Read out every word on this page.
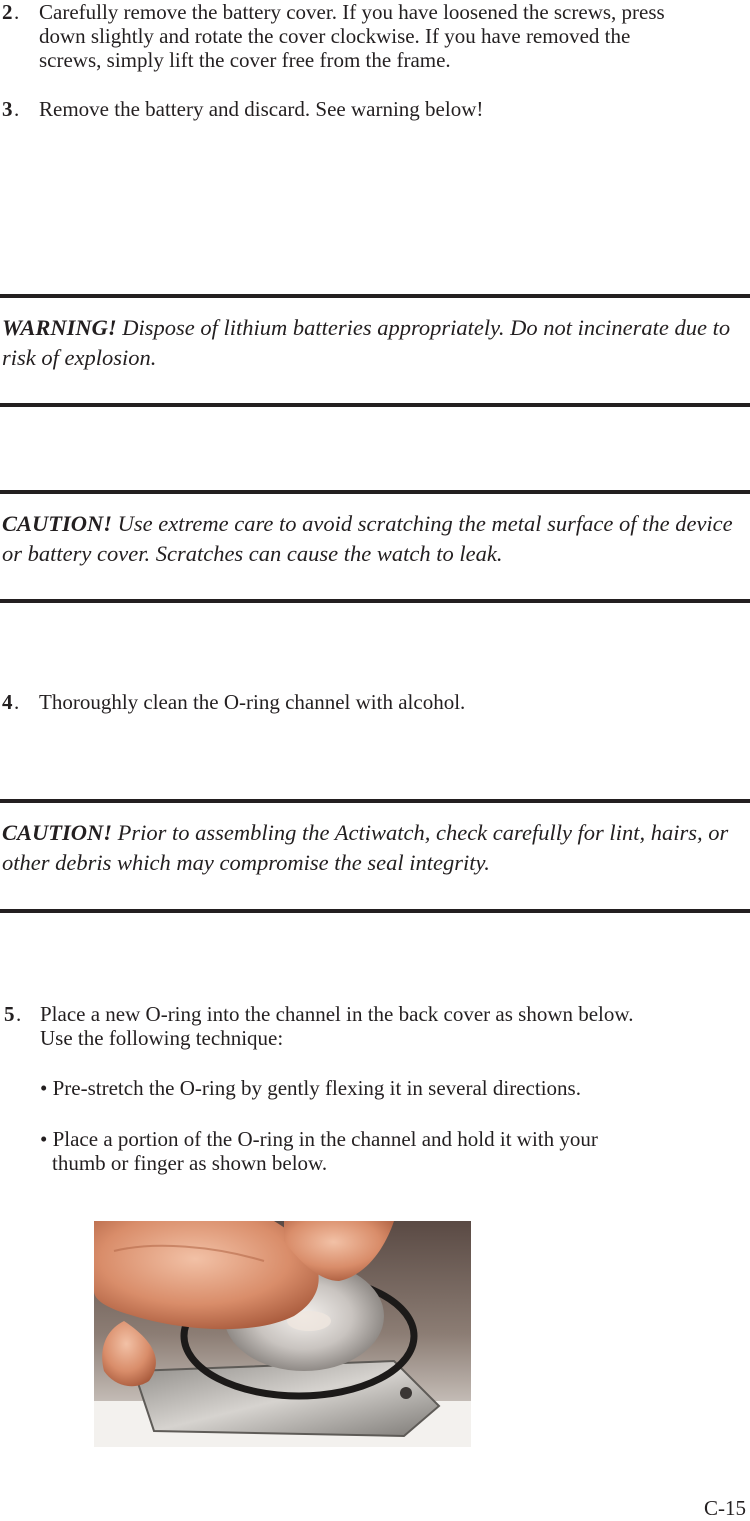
2 . Carefully remove the battery cover. If you have loosened the screws, press
down slightly and rotate the cover clockwise. If you have removed the
screws, simply lift the cover free from the frame.
3 . Remove the battery and discard. See warning below!
WARNING! Dispose of lithium batteries appropriately. Do not incinerate due to risk of explosion.
CAUTION! Use extreme care to avoid scratching the metal surface of the device or battery cover. Scratches can cause the watch to leak.
4 . Thoroughly clean the O-ring channel with alcohol.
CAUTION! Prior to assembling the Actiwatch, check carefully for lint, hairs, or other debris which may compromise the seal integrity.
5 . Place a new O-ring into the channel in the back cover as shown below.
Use the following technique:
• Pre-stretch the O-ring by gently flexing it in several directions.
• Place a portion of the O-ring in the channel and hold it with your
thumb or finger as shown below.
C-15
